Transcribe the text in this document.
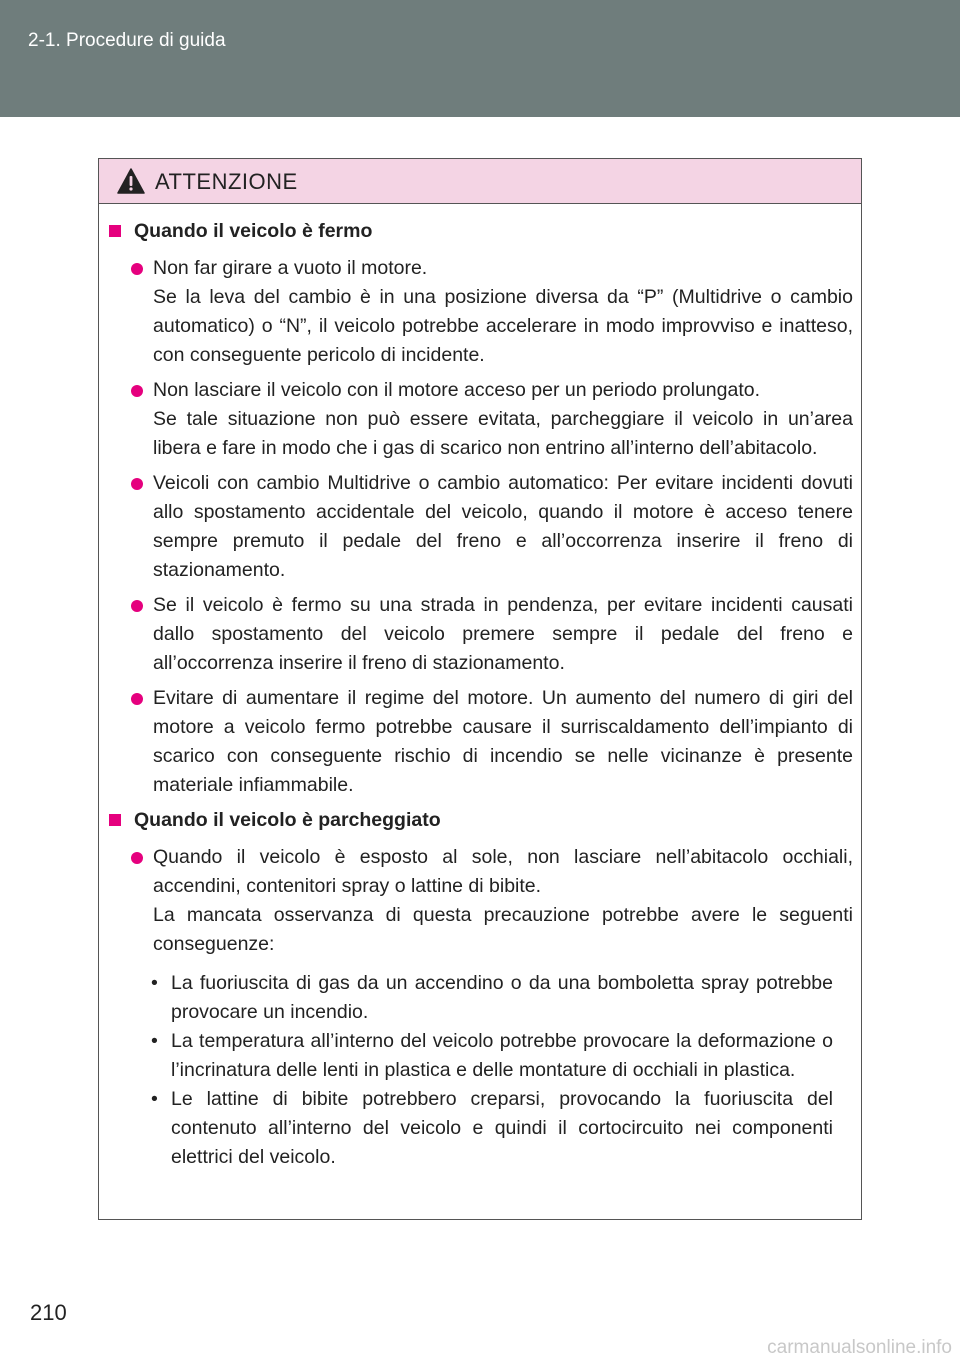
2-1. Procedure di guida
ATTENZIONE
Quando il veicolo è fermo

Non far girare a vuoto il motore.

Se la leva del cambio è in una posizione diversa da “P” (Multidrive o cambio automatico) o “N”, il veicolo potrebbe accelerare in modo improvviso e inatteso, con conseguente pericolo di incidente.

Non lasciare il veicolo con il motore acceso per un periodo prolungato.

Se tale situazione non può essere evitata, parcheggiare il veicolo in un’area libera e fare in modo che i gas di scarico non entrino all’interno dell’abitacolo.

Veicoli con cambio Multidrive o cambio automatico: Per evitare incidenti dovuti allo spostamento accidentale del veicolo, quando il motore è acceso tenere sempre premuto il pedale del freno e all’occorrenza inserire il freno di stazionamento.

Se il veicolo è fermo su una strada in pendenza, per evitare incidenti causati dallo spostamento del veicolo premere sempre il pedale del freno e all’occorrenza inserire il freno di stazionamento.

Evitare di aumentare il regime del motore. Un aumento del numero di giri del motore a veicolo fermo potrebbe causare il surriscaldamento dell’impianto di scarico con conseguente rischio di incendio se nelle vicinanze è presente materiale infiammabile.

Quando il veicolo è parcheggiato

Quando il veicolo è esposto al sole, non lasciare nell’abitacolo occhiali, accendini, contenitori spray o lattine di bibite.

La mancata osservanza di questa precauzione potrebbe avere le seguenti conseguenze:

• La fuoriuscita di gas da un accendino o da una bomboletta spray potrebbe provocare un incendio.

• La temperatura all’interno del veicolo potrebbe provocare la deformazione o l’incrinatura delle lenti in plastica e delle montature di occhiali in plastica.

• Le lattine di bibite potrebbero creparsi, provocando la fuoriuscita del contenuto all’interno del veicolo e quindi il cortocircuito nei componenti elettrici del veicolo.

210
carmanualsonline.info
